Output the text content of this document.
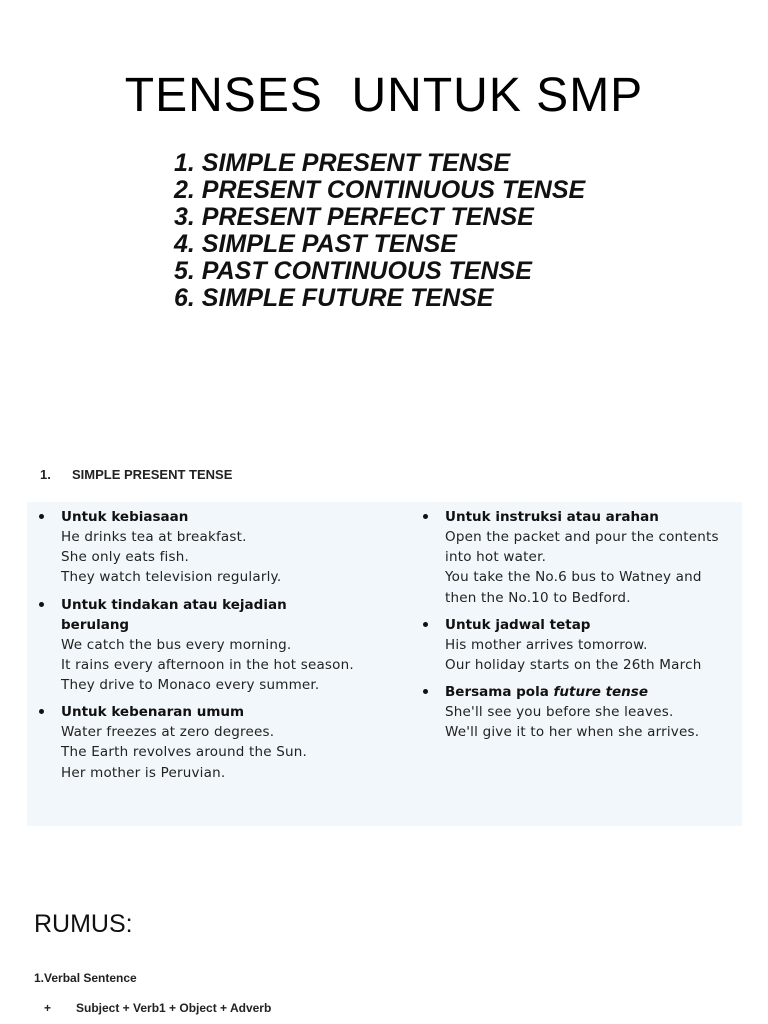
TENSES  UNTUK SMP
1. SIMPLE PRESENT TENSE
2. PRESENT CONTINUOUS TENSE
3. PRESENT PERFECT TENSE
4. SIMPLE PAST TENSE
5. PAST CONTINUOUS TENSE
6. SIMPLE FUTURE TENSE
1.	SIMPLE PRESENT TENSE
Untuk kebiasaan
He drinks tea at breakfast.
She only eats fish.
They watch television regularly.
Untuk tindakan atau kejadian berulang
We catch the bus every morning.
It rains every afternoon in the hot season.
They drive to Monaco every summer.
Untuk kebenaran umum
Water freezes at zero degrees.
The Earth revolves around the Sun.
Her mother is Peruvian.
Untuk instruksi atau arahan
Open the packet and pour the contents into hot water.
You take the No.6 bus to Watney and then the No.10 to Bedford.
Untuk jadwal tetap
His mother arrives tomorrow.
Our holiday starts on the 26th March
Bersama pola future tense
She'll see you before she leaves.
We'll give it to her when she arrives.
RUMUS:
1.Verbal Sentence
+	Subject + Verb1 + Object + Adverb
